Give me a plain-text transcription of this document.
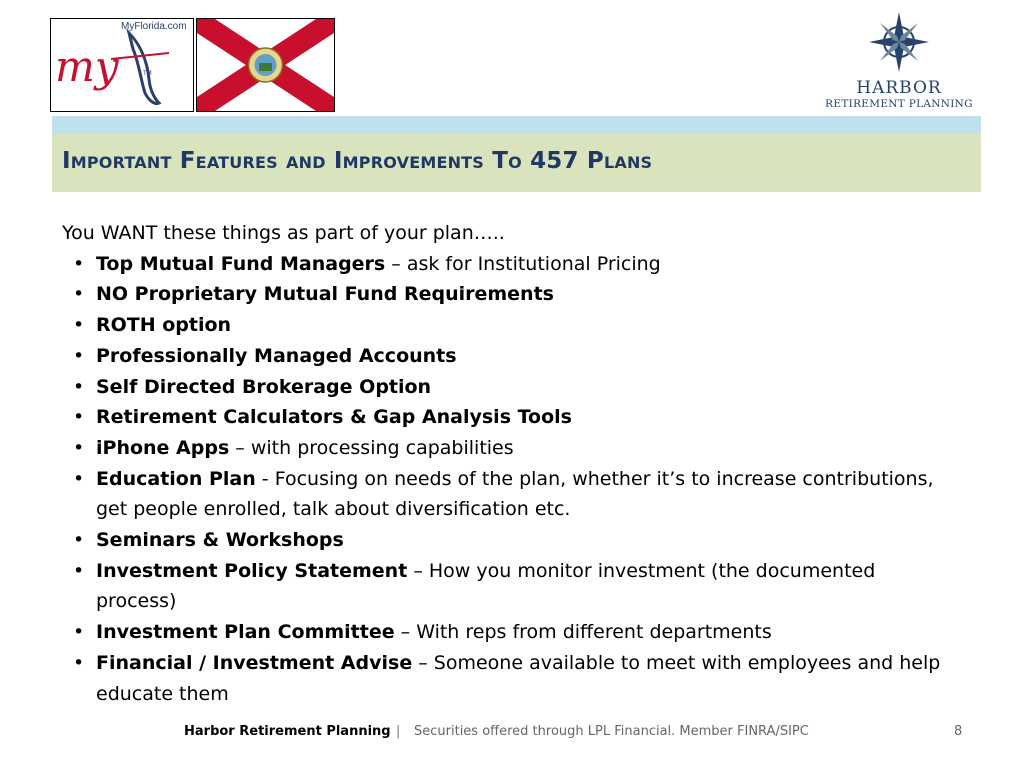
MyFlorida.com
my	TM
HARBOR
RETIREMENT PLANNING
Important Features and Improvements To 457 Plans

You WANT these things as part of your plan…..

• Top Mutual Fund Managers – ask for Institutional Pricing
• NO Proprietary Mutual Fund Requirements
• ROTH option
• Professionally Managed Accounts
• Self Directed Brokerage Option
• Retirement Calculators & Gap Analysis Tools
• iPhone Apps – with processing capabilities
• Education Plan - Focusing on needs of the plan, whether it’s to increase contributions, get people enrolled, talk about diversification etc.
• Seminars & Workshops
• Investment Policy Statement – How you monitor investment (the documented process)
• Investment Plan Committee – With reps from different departments
• Financial / Investment Advise – Someone available to meet with employees and help educate them
Harbor Retirement Planning | Securities offered through LPL Financial. Member FINRA/SIPC	8
